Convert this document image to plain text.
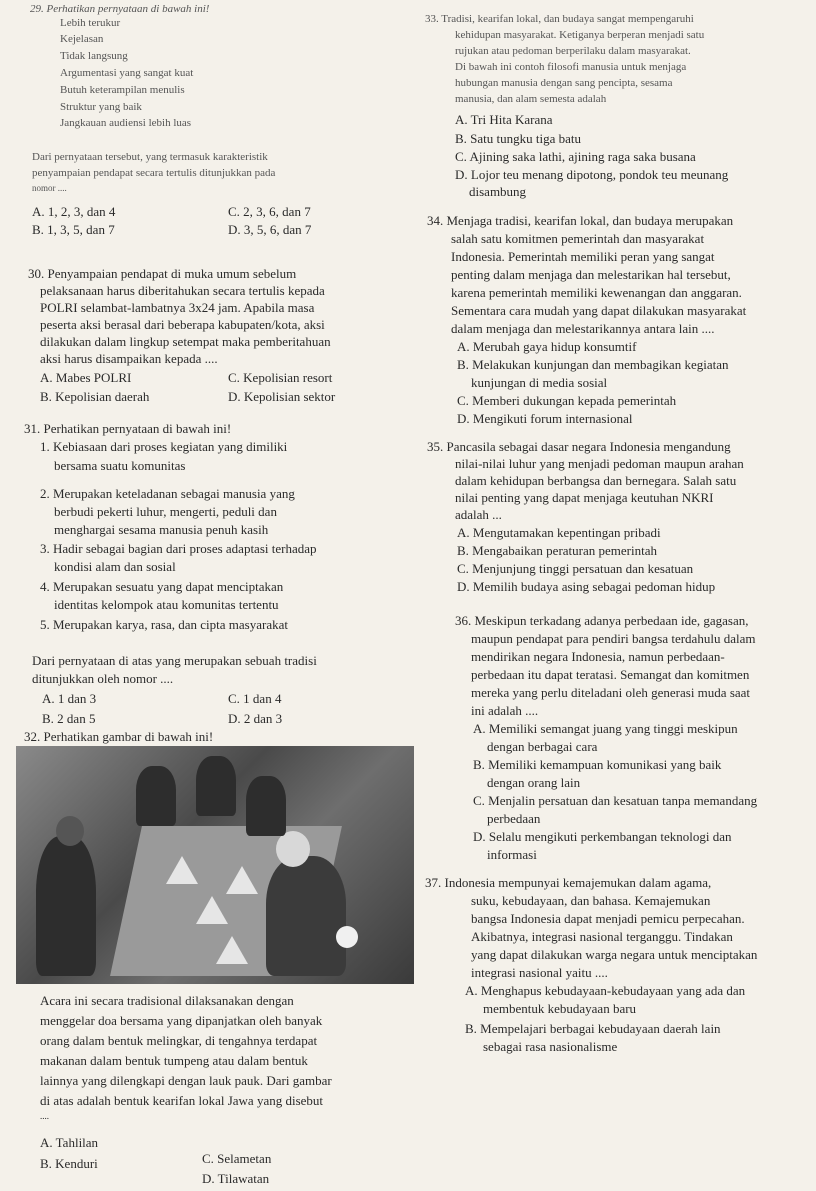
29. Perhatikan pernyataan di bawah ini!
Lebih terukur
Kejelasan
Tidak langsung
Argumentasi yang sangat kuat
Butuh keterampilan menulis
Struktur yang baik
Jangkauan audiensi lebih luas
Dari pernyataan tersebut, yang termasuk karakteristik
penyampaian pendapat secara tertulis ditunjukkan pada
nomor ....
A. 1, 2, 3, dan 4
B. 1, 3, 5, dan 7
C. 2, 3, 6, dan 7
D. 3, 5, 6, dan 7
30. Penyampaian pendapat di muka umum sebelum
pelaksanaan harus diberitahukan secara tertulis kepada
POLRI selambat-lambatnya 3x24 jam. Apabila masa
peserta aksi berasal dari beberapa kabupaten/kota, aksi
dilakukan dalam lingkup setempat maka pemberitahuan
aksi harus disampaikan kepada ....
A. Mabes POLRI
B. Kepolisian daerah
C. Kepolisian resort
D. Kepolisian sektor
31. Perhatikan pernyataan di bawah ini!
1. Kebiasaan dari proses kegiatan yang dimiliki
bersama suatu komunitas
2. Merupakan keteladanan sebagai manusia yang
berbudi pekerti luhur, mengerti, peduli dan
menghargai sesama manusia penuh kasih
3. Hadir sebagai bagian dari proses adaptasi terhadap
kondisi alam dan sosial
4. Merupakan sesuatu yang dapat menciptakan
identitas kelompok atau komunitas tertentu
5. Merupakan karya, rasa, dan cipta masyarakat
Dari pernyataan di atas yang merupakan sebuah tradisi
ditunjukkan oleh nomor ....
A. 1 dan 3
B. 2 dan 5
C. 1 dan 4
D. 2 dan 3
32. Perhatikan gambar di bawah ini!
Acara ini secara tradisional dilaksanakan dengan
menggelar doa bersama yang dipanjatkan oleh banyak
orang dalam bentuk melingkar, di tengahnya terdapat
makanan dalam bentuk tumpeng atau dalam bentuk
lainnya yang dilengkapi dengan lauk pauk. Dari gambar
di atas adalah bentuk kearifan lokal Jawa yang disebut
....
A. Tahlilan
B. Kenduri	C. Selametan
D. Tilawatan
33. Tradisi, kearifan lokal, dan budaya sangat mempengaruhi
kehidupan masyarakat. Ketiganya berperan menjadi satu
rujukan atau pedoman berperilaku dalam masyarakat.
Di bawah ini contoh filosofi manusia untuk menjaga
hubungan manusia dengan sang pencipta, sesama
manusia, dan alam semesta adalah
A. Tri Hita Karana
B. Satu tungku tiga batu
C. Ajining saka lathi, ajining raga saka busana
D. Lojor teu menang dipotong, pondok teu meunang
disambung
34. Menjaga tradisi, kearifan lokal, dan budaya merupakan
salah satu komitmen pemerintah dan masyarakat
Indonesia. Pemerintah memiliki peran yang sangat
penting dalam menjaga dan melestarikan hal tersebut,
karena pemerintah memiliki kewenangan dan anggaran.
Sementara cara mudah yang dapat dilakukan masyarakat
dalam menjaga dan melestarikannya antara lain ....
A. Merubah gaya hidup konsumtif
B. Melakukan kunjungan dan membagikan kegiatan
kunjungan di media sosial
C. Memberi dukungan kepada pemerintah
D. Mengikuti forum internasional
35. Pancasila sebagai dasar negara Indonesia mengandung
nilai-nilai luhur yang menjadi pedoman maupun arahan
dalam kehidupan berbangsa dan bernegara. Salah satu
nilai penting yang dapat menjaga keutuhan NKRI
adalah ...
A. Mengutamakan kepentingan pribadi
B. Mengabaikan peraturan pemerintah
C. Menjunjung tinggi persatuan dan kesatuan
D. Memilih budaya asing sebagai pedoman hidup
36. Meskipun terkadang adanya perbedaan ide, gagasan,
maupun pendapat para pendiri bangsa terdahulu dalam
mendirikan negara Indonesia, namun perbedaan-
perbedaan itu dapat teratasi. Semangat dan komitmen
mereka yang perlu diteladani oleh generasi muda saat
ini adalah ....
A. Memiliki semangat juang yang tinggi meskipun
dengan berbagai cara
B. Memiliki kemampuan komunikasi yang baik
dengan orang lain
C. Menjalin persatuan dan kesatuan tanpa memandang
perbedaan
D. Selalu mengikuti perkembangan teknologi dan
informasi
37. Indonesia mempunyai kemajemukan dalam agama,
suku, kebudayaan, dan bahasa. Kemajemukan
bangsa Indonesia dapat menjadi pemicu perpecahan.
Akibatnya, integrasi nasional terganggu. Tindakan
yang dapat dilakukan warga negara untuk menciptakan
integrasi nasional yaitu ....
A. Menghapus kebudayaan-kebudayaan yang ada dan
membentuk kebudayaan baru
B. Mempelajari berbagai kebudayaan daerah lain
sebagai rasa nasionalisme
